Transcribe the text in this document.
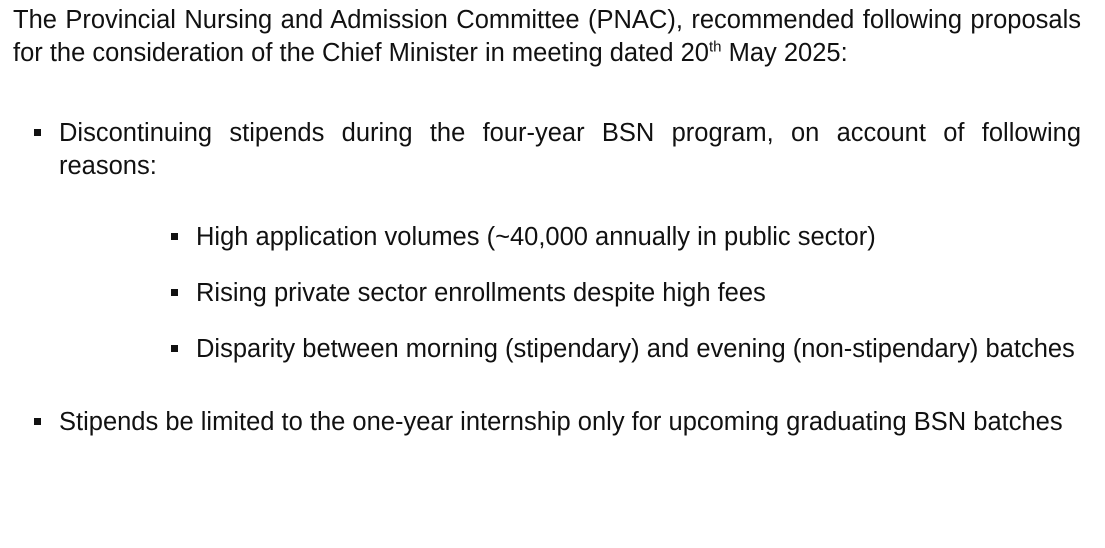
The Provincial Nursing and Admission Committee (PNAC), recommended following proposals for the consideration of the Chief Minister in meeting dated 20th May 2025:

Discontinuing stipends during the four-year BSN program, on account of following reasons:
High application volumes (~40,000 annually in public sector)
Rising private sector enrollments despite high fees
Disparity between morning (stipendary) and evening (non-stipendary) batches
Stipends be limited to the one-year internship only for upcoming graduating BSN batches
